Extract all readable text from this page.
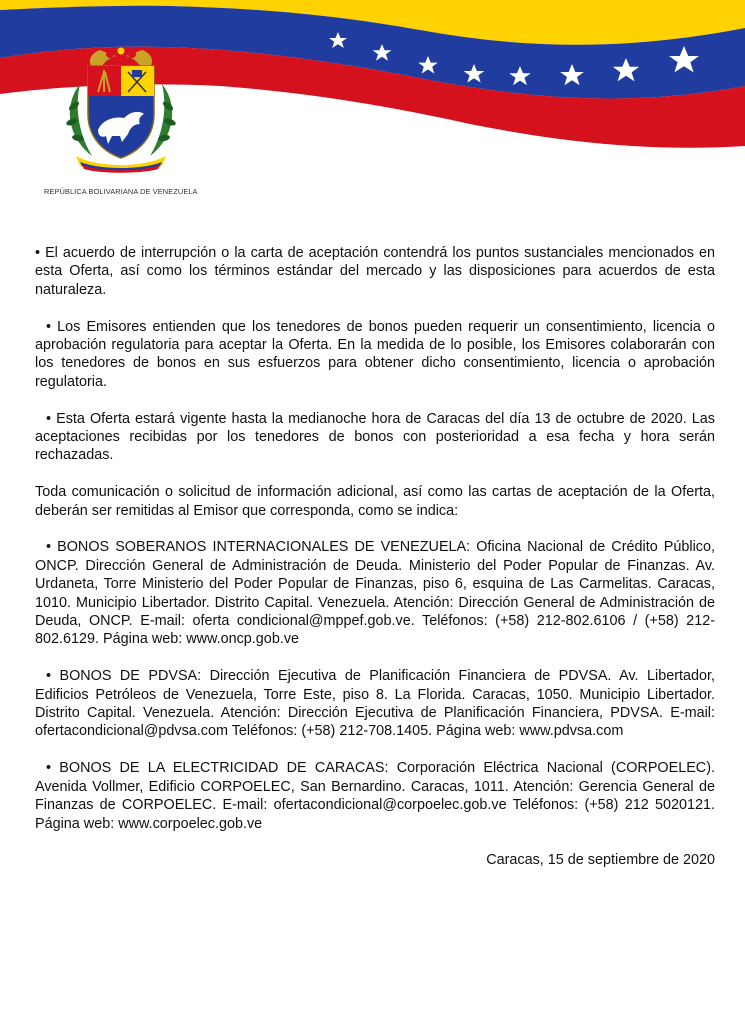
REPÚBLICA BOLIVARIANA DE VENEZUELA

• El acuerdo de interrupción o la carta de aceptación contendrá los puntos sustanciales mencionados en esta Oferta, así como los términos estándar del mercado y las disposiciones para acuerdos de esta naturaleza.

• Los Emisores entienden que los tenedores de bonos pueden requerir un consentimiento, licencia o aprobación regulatoria para aceptar la Oferta. En la medida de lo posible, los Emisores colaborarán con los tenedores de bonos en sus esfuerzos para obtener dicho consentimiento, licencia o aprobación regulatoria.

• Esta Oferta estará vigente hasta la medianoche hora de Caracas del día 13 de octubre de 2020. Las aceptaciones recibidas por los tenedores de bonos con posterioridad a esa fecha y hora serán rechazadas.

Toda comunicación o solicitud de información adicional, así como las cartas de aceptación de la Oferta, deberán ser remitidas al Emisor que corresponda, como se indica:

• BONOS SOBERANOS INTERNACIONALES DE VENEZUELA: Oficina Nacional de Crédito Público, ONCP. Dirección General de Administración de Deuda. Ministerio del Poder Popular de Finanzas. Av. Urdaneta, Torre Ministerio del Poder Popular de Finanzas, piso 6, esquina de Las Carmelitas. Caracas, 1010. Municipio Libertador. Distrito Capital. Venezuela. Atención: Dirección General de Administración de Deuda, ONCP. E-mail: oferta condicional@mppef.gob.ve. Teléfonos: (+58) 212-802.6106 / (+58) 212-802.6129. Página web: www.oncp.gob.ve

• BONOS DE PDVSA: Dirección Ejecutiva de Planificación Financiera de PDVSA. Av. Libertador, Edificios Petróleos de Venezuela, Torre Este, piso 8. La Florida. Caracas, 1050. Municipio Libertador. Distrito Capital. Venezuela. Atención: Dirección Ejecutiva de Planificación Financiera, PDVSA. E-mail: ofertacondicional@pdvsa.com Teléfonos: (+58) 212-708.1405. Página web: www.pdvsa.com

• BONOS DE LA ELECTRICIDAD DE CARACAS: Corporación Eléctrica Nacional (CORPOELEC). Avenida Vollmer, Edificio CORPOELEC, San Bernardino. Caracas, 1011. Atención: Gerencia General de Finanzas de CORPOELEC. E-mail: ofertacondicional@corpoelec.gob.ve Teléfonos: (+58) 212 5020121. Página web: www.corpoelec.gob.ve

Caracas, 15 de septiembre de 2020
